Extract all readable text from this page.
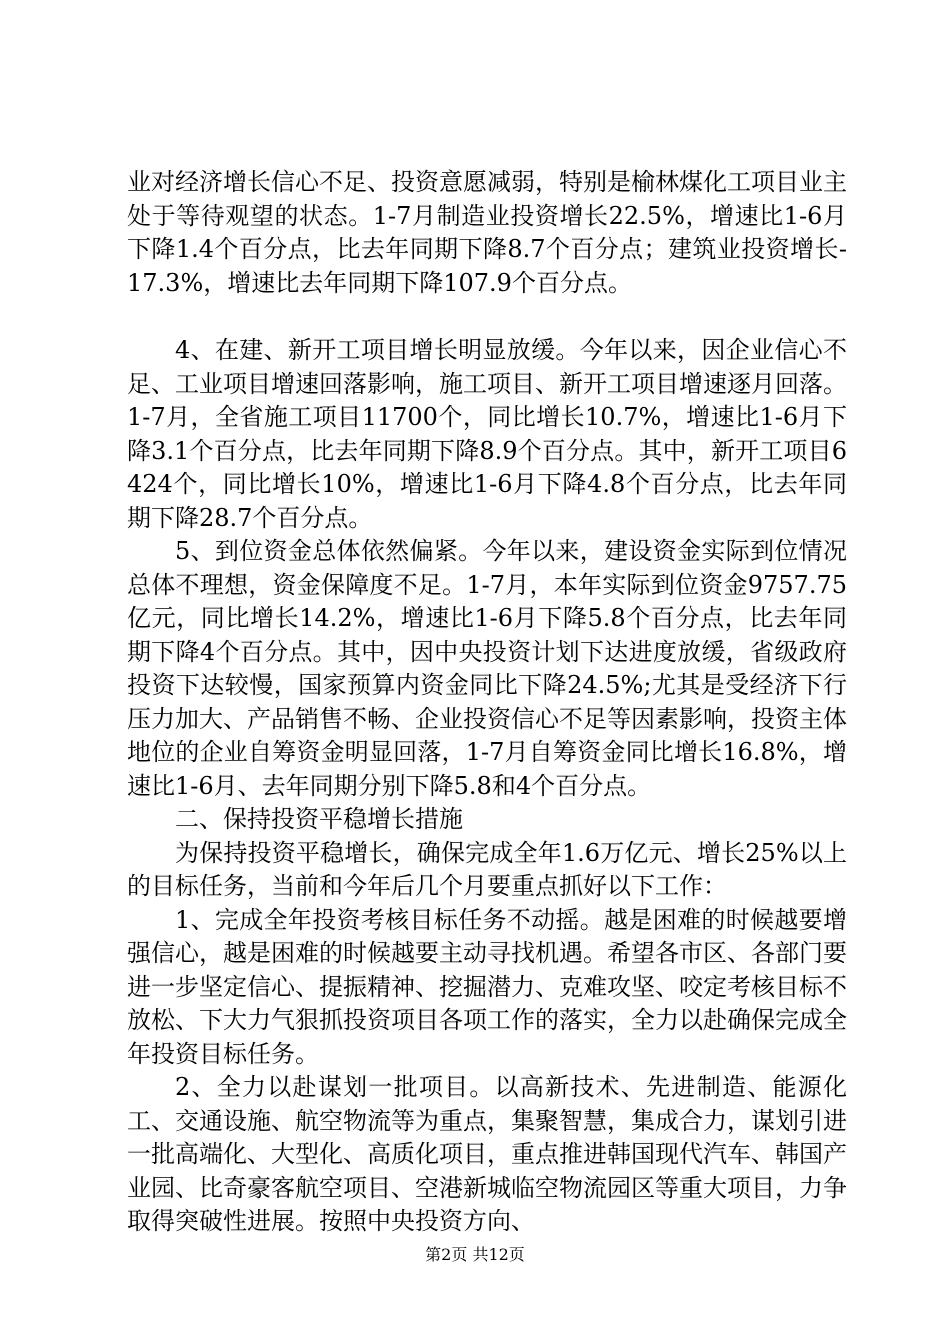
业对经济增长信心不足、投资意愿减弱，特别是榆林煤化工项目业主处于等待观望的状态。1-7月制造业投资增长22.5%，增速比1-6月下降1.4个百分点，比去年同期下降8.7个百分点；建筑业投资增长-17.3%，增速比去年同期下降107.9个百分点。

4、在建、新开工项目增长明显放缓。今年以来，因企业信心不足、工业项目增速回落影响，施工项目、新开工项目增速逐月回落。1-7月，全省施工项目11700个，同比增长10.7%，增速比1-6月下降3.1个百分点，比去年同期下降8.9个百分点。其中，新开工项目6424个，同比增长10%，增速比1-6月下降4.8个百分点，比去年同期下降28.7个百分点。

5、到位资金总体依然偏紧。今年以来，建设资金实际到位情况总体不理想，资金保障度不足。1-7月，本年实际到位资金9757.75亿元，同比增长14.2%，增速比1-6月下降5.8个百分点，比去年同期下降4个百分点。其中，因中央投资计划下达进度放缓，省级政府投资下达较慢，国家预算内资金同比下降24.5%;尤其是受经济下行压力加大、产品销售不畅、企业投资信心不足等因素影响，投资主体地位的企业自筹资金明显回落，1-7月自筹资金同比增长16.8%，增速比1-6月、去年同期分别下降5.8和4个百分点。

二、保持投资平稳增长措施

为保持投资平稳增长，确保完成全年1.6万亿元、增长25%以上的目标任务，当前和今年后几个月要重点抓好以下工作：

1、完成全年投资考核目标任务不动摇。越是困难的时候越要增强信心，越是困难的时候越要主动寻找机遇。希望各市区、各部门要进一步坚定信心、提振精神、挖掘潜力、克难攻坚、咬定考核目标不放松、下大力气狠抓投资项目各项工作的落实，全力以赴确保完成全年投资目标任务。

2、全力以赴谋划一批项目。以高新技术、先进制造、能源化工、交通设施、航空物流等为重点，集聚智慧，集成合力，谋划引进一批高端化、大型化、高质化项目，重点推进韩国现代汽车、韩国产业园、比奇豪客航空项目、空港新城临空物流园区等重大项目，力争取得突破性进展。按照中央投资方向、

第2页 共12页
